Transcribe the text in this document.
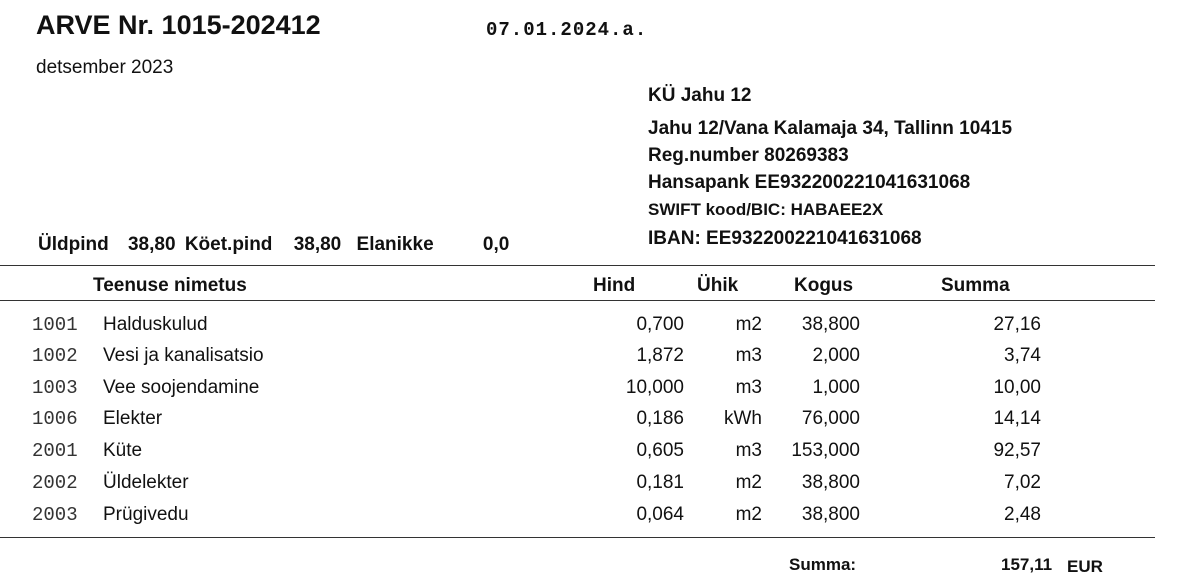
ARVE Nr. 1015-202412	07.01.2024.a.
detsember 2023
KÜ Jahu 12
Jahu 12/Vana Kalamaja 34, Tallinn 10415
Reg.number 80269383
Hansapank EE932200221041631068
SWIFT kood/BIC: HABAEE2X
IBAN: EE932200221041631068
Üldpind 38,80 Köet.pind 38,80 Elanikke	0,0
Teenuse nimetus	Hind	Ühik	Kogus	Summa
1001 Halduskulud	0,700	m2 38,800	27,16
1002 Vesi ja kanalisatsio	1,872	m3	2,000	3,74
1003 Vee soojendamine	10,000	m3	1,000	10,00
1006 Elekter	0,186 kWh 76,000	14,14
2001 Küte	0,605	m3 153,000	92,57
2002 Üldelekter	0,181	m2 38,800	7,02
2003 Prügivedu	0,064	m2 38,800	2,48
Summa:	157,11 EUR
